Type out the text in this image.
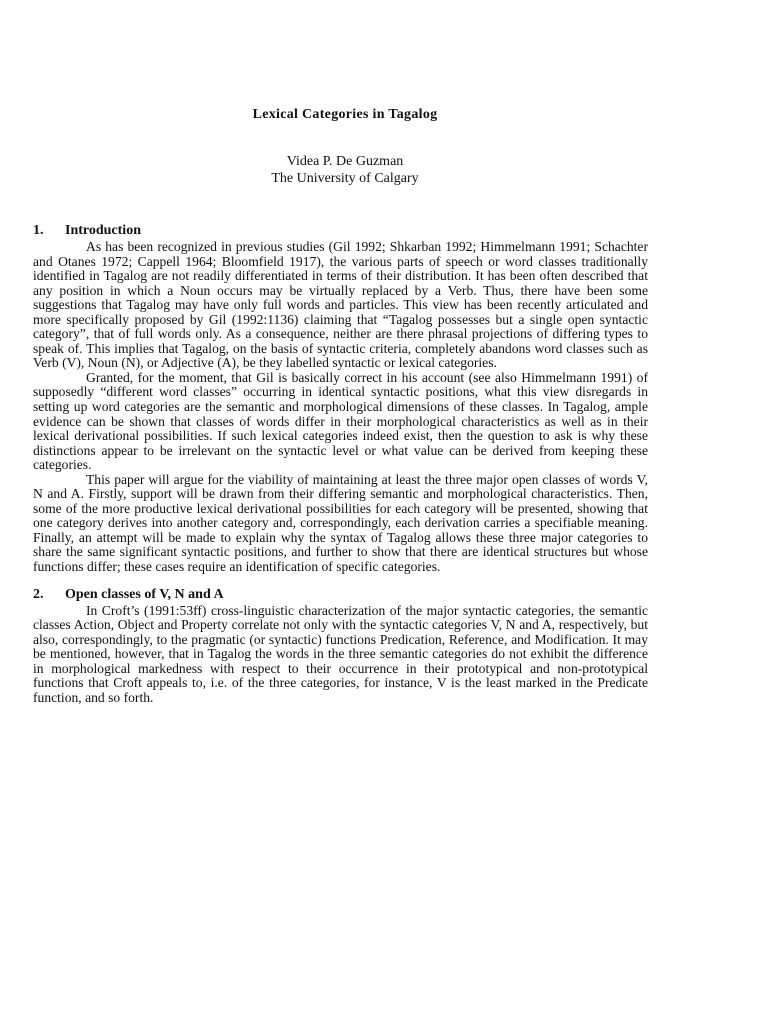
Lexical Categories in Tagalog
Videa P. De Guzman
The University of Calgary
1. Introduction

As has been recognized in previous studies (Gil 1992; Shkarban 1992; Himmelmann 1991; Schachter and Otanes 1972; Cappell 1964; Bloomfield 1917), the various parts of speech or word classes traditionally identified in Tagalog are not readily differentiated in terms of their distribution. It has been often described that any position in which a Noun occurs may be virtually replaced by a Verb. Thus, there have been some suggestions that Tagalog may have only full words and particles. This view has been recently articulated and more specifically proposed by Gil (1992:1136) claiming that “Tagalog possesses but a single open syntactic category”, that of full words only. As a consequence, neither are there phrasal projections of differing types to speak of. This implies that Tagalog, on the basis of syntactic criteria, completely abandons word classes such as Verb (V), Noun (N), or Adjective (A), be they labelled syntactic or lexical categories.

Granted, for the moment, that Gil is basically correct in his account (see also Himmelmann 1991) of supposedly “different word classes” occurring in identical syntactic positions, what this view disregards in setting up word categories are the semantic and morphological dimensions of these classes. In Tagalog, ample evidence can be shown that classes of words differ in their morphological characteristics as well as in their lexical derivational possibilities. If such lexical categories indeed exist, then the question to ask is why these distinctions appear to be irrelevant on the syntactic level or what value can be derived from keeping these categories.

This paper will argue for the viability of maintaining at least the three major open classes of words V, N and A. Firstly, support will be drawn from their differing semantic and morphological characteristics. Then, some of the more productive lexical derivational possibilities for each category will be presented, showing that one category derives into another category and, correspondingly, each derivation carries a specifiable meaning. Finally, an attempt will be made to explain why the syntax of Tagalog allows these three major categories to share the same significant syntactic positions, and further to show that there are identical structures but whose functions differ; these cases require an identification of specific categories.

2. Open classes of V, N and A

In Croft’s (1991:53ff) cross-linguistic characterization of the major syntactic categories, the semantic classes Action, Object and Property correlate not only with the syntactic categories V, N and A, respectively, but also, correspondingly, to the pragmatic (or syntactic) functions Predication, Reference, and Modification. It may be mentioned, however, that in Tagalog the words in the three semantic categories do not exhibit the difference in morphological markedness with respect to their occurrence in their prototypical and non-prototypical functions that Croft appeals to, i.e. of the three categories, for instance, V is the least marked in the Predicate function, and so forth.
